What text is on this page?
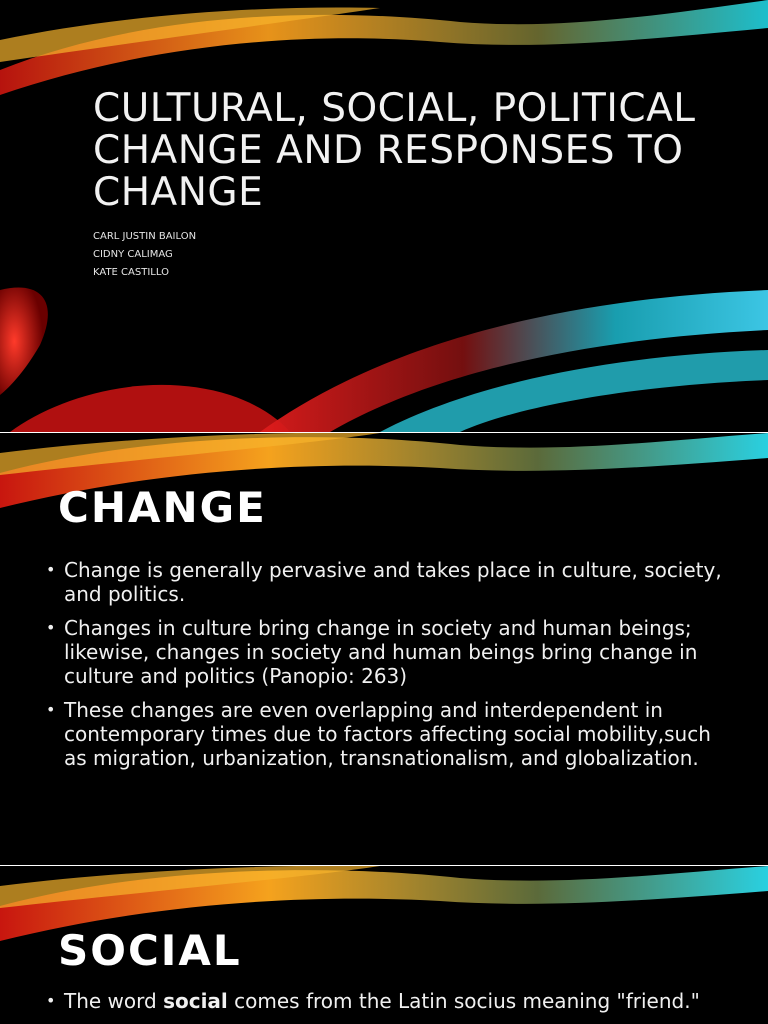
CULTURAL, SOCIAL, POLITICAL CHANGE AND RESPONSES TO CHANGE
CARL JUSTIN BAILON
CIDNY CALIMAG
KATE CASTILLO
CHANGE
• Change is generally pervasive and takes place in culture, society, and politics.
• Changes in culture bring change in society and human beings; likewise, changes in society and human beings bring change in culture and politics (Panopio: 263)
• These changes are even overlapping and interdependent in contemporary times due to factors affecting social mobility,such as migration, urbanization, transnationalism, and globalization.
SOCIAL
• The word social comes from the Latin socius meaning "friend."
